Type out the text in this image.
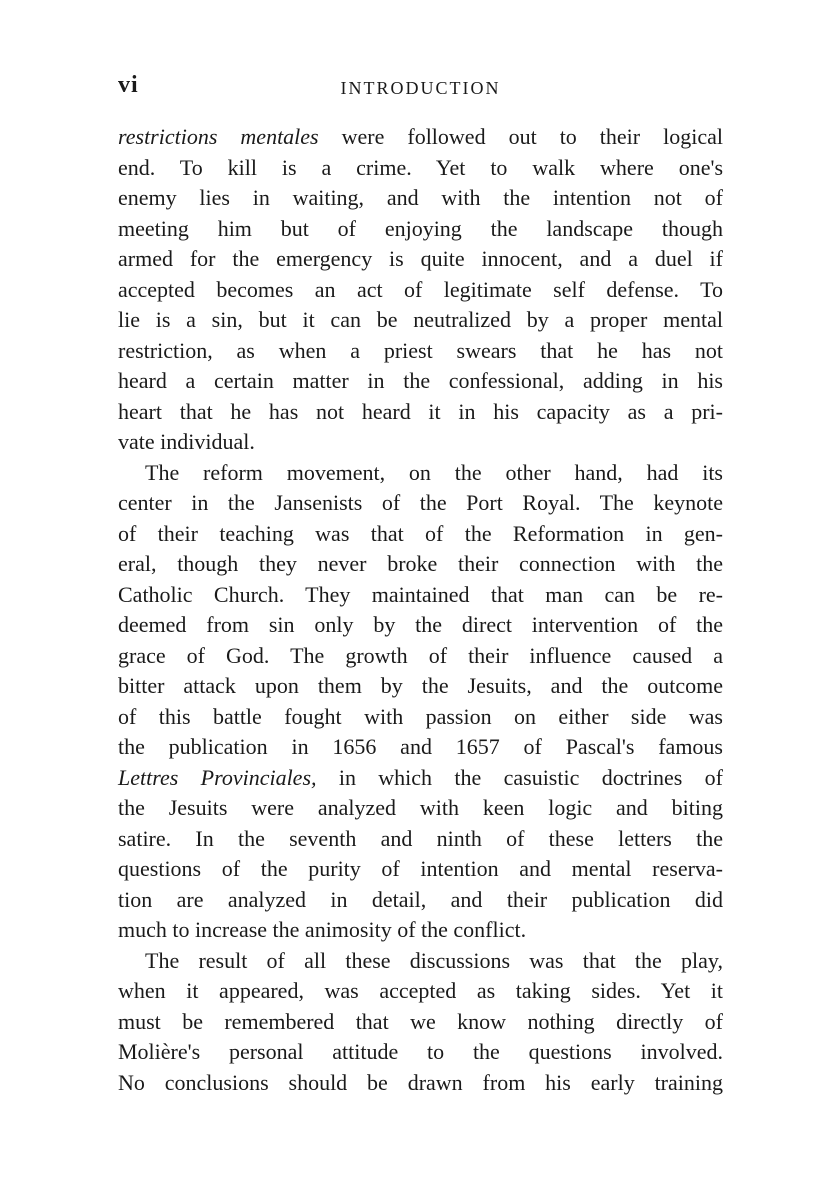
vi	INTRODUCTION
restrictions mentales were followed out to their logical
end. To kill is a crime. Yet to walk where one's
enemy lies in waiting, and with the intention not of
meeting him but of enjoying the landscape though
armed for the emergency is quite innocent, and a duel if
accepted becomes an act of legitimate self defense. To
lie is a sin, but it can be neutralized by a proper mental
restriction, as when a priest swears that he has not
heard a certain matter in the confessional, adding in his
heart that he has not heard it in his capacity as a pri-
vate individual.
The reform movement, on the other hand, had its
center in the Jansenists of the Port Royal. The keynote
of their teaching was that of the Reformation in gen-
eral, though they never broke their connection with the
Catholic Church. They maintained that man can be re-
deemed from sin only by the direct intervention of the
grace of God. The growth of their influence caused a
bitter attack upon them by the Jesuits, and the outcome
of this battle fought with passion on either side was
the publication in 1656 and 1657 of Pascal's famous
Lettres Provinciales, in which the casuistic doctrines of
the Jesuits were analyzed with keen logic and biting
satire. In the seventh and ninth of these letters the
questions of the purity of intention and mental reserva-
tion are analyzed in detail, and their publication did
much to increase the animosity of the conflict.
The result of all these discussions was that the play,
when it appeared, was accepted as taking sides. Yet it
must be remembered that we know nothing directly of
Molière's personal attitude to the questions involved.
No conclusions should be drawn from his early training
